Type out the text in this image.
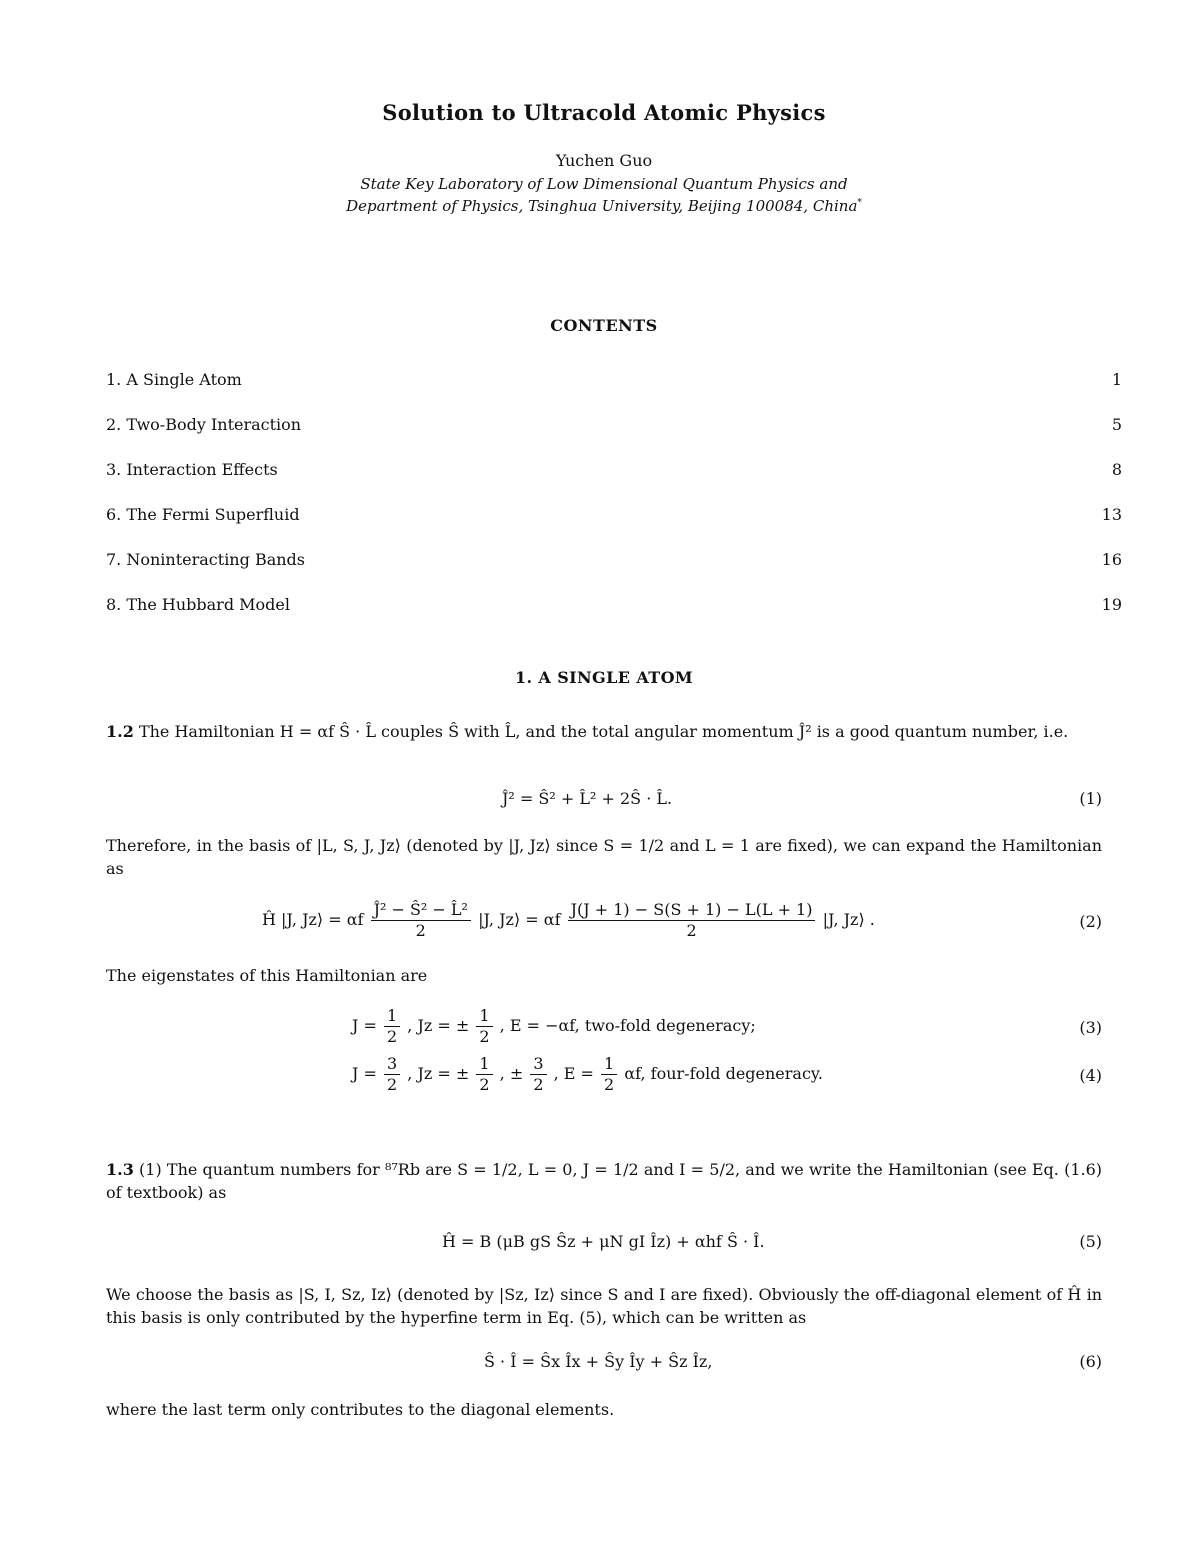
Solution to Ultracold Atomic Physics
Yuchen Guo
State Key Laboratory of Low Dimensional Quantum Physics and
Department of Physics, Tsinghua University, Beijing 100084, China*
CONTENTS
1. A Single Atom	1
2. Two-Body Interaction	5
3. Interaction Effects	8
6. The Fermi Superfluid	13
7. Noninteracting Bands	16
8. The Hubbard Model	19
1. A SINGLE ATOM
1.2 The Hamiltonian H = αf Ŝ · L̂ couples Ŝ with L̂, and the total angular momentum Ĵ² is a good quantum number, i.e.
Ĵ² = Ŝ² + L̂² + 2Ŝ · L̂.	(1)
Therefore, in the basis of |L, S, J, Jz⟩ (denoted by |J, Jz⟩ since S = 1/2 and L = 1 are fixed), we can expand the Hamiltonian as
Ĥ |J, Jz⟩ = αf $\frac{\text{Ĵ² − Ŝ² − L̂²}}{2} |J$, Jz⟩ = αf $\frac{J(J + 1) - S(S + 1) - L(L + 1)}{2} |J$, Jz⟩ .	(2)
The eigenstates of this Hamiltonian are
$J = \frac{1}{2}$ , Jz = ± $\frac{1}{2}$ , E = −αf, two-fold degeneracy;	(3)
$J = \frac{3}{2}$ , Jz = ± $\frac{1}{2}$ , ± $\frac{3}{2}$ , $E = \frac{1}{2} \alpha f$, four-fold degeneracy.	(4)
1.3 (1) The quantum numbers for ⁸⁷Rb are S = 1/2, L = 0, J = 1/2 and I = 5/2, and we write the Hamiltonian (see Eq. (1.6) of textbook) as
Ĥ = B (μB gS Ŝz + μN gI Îz) + αhf Ŝ · Î.	(5)
We choose the basis as |S, I, Sz, Iz⟩ (denoted by |Sz, Iz⟩ since S and I are fixed). Obviously the off-diagonal element of Ĥ in this basis is only contributed by the hyperfine term in Eq. (5), which can be written as
Ŝ · Î = Ŝx Îx + Ŝy Îy + Ŝz Îz,	(6)
where the last term only contributes to the diagonal elements.
